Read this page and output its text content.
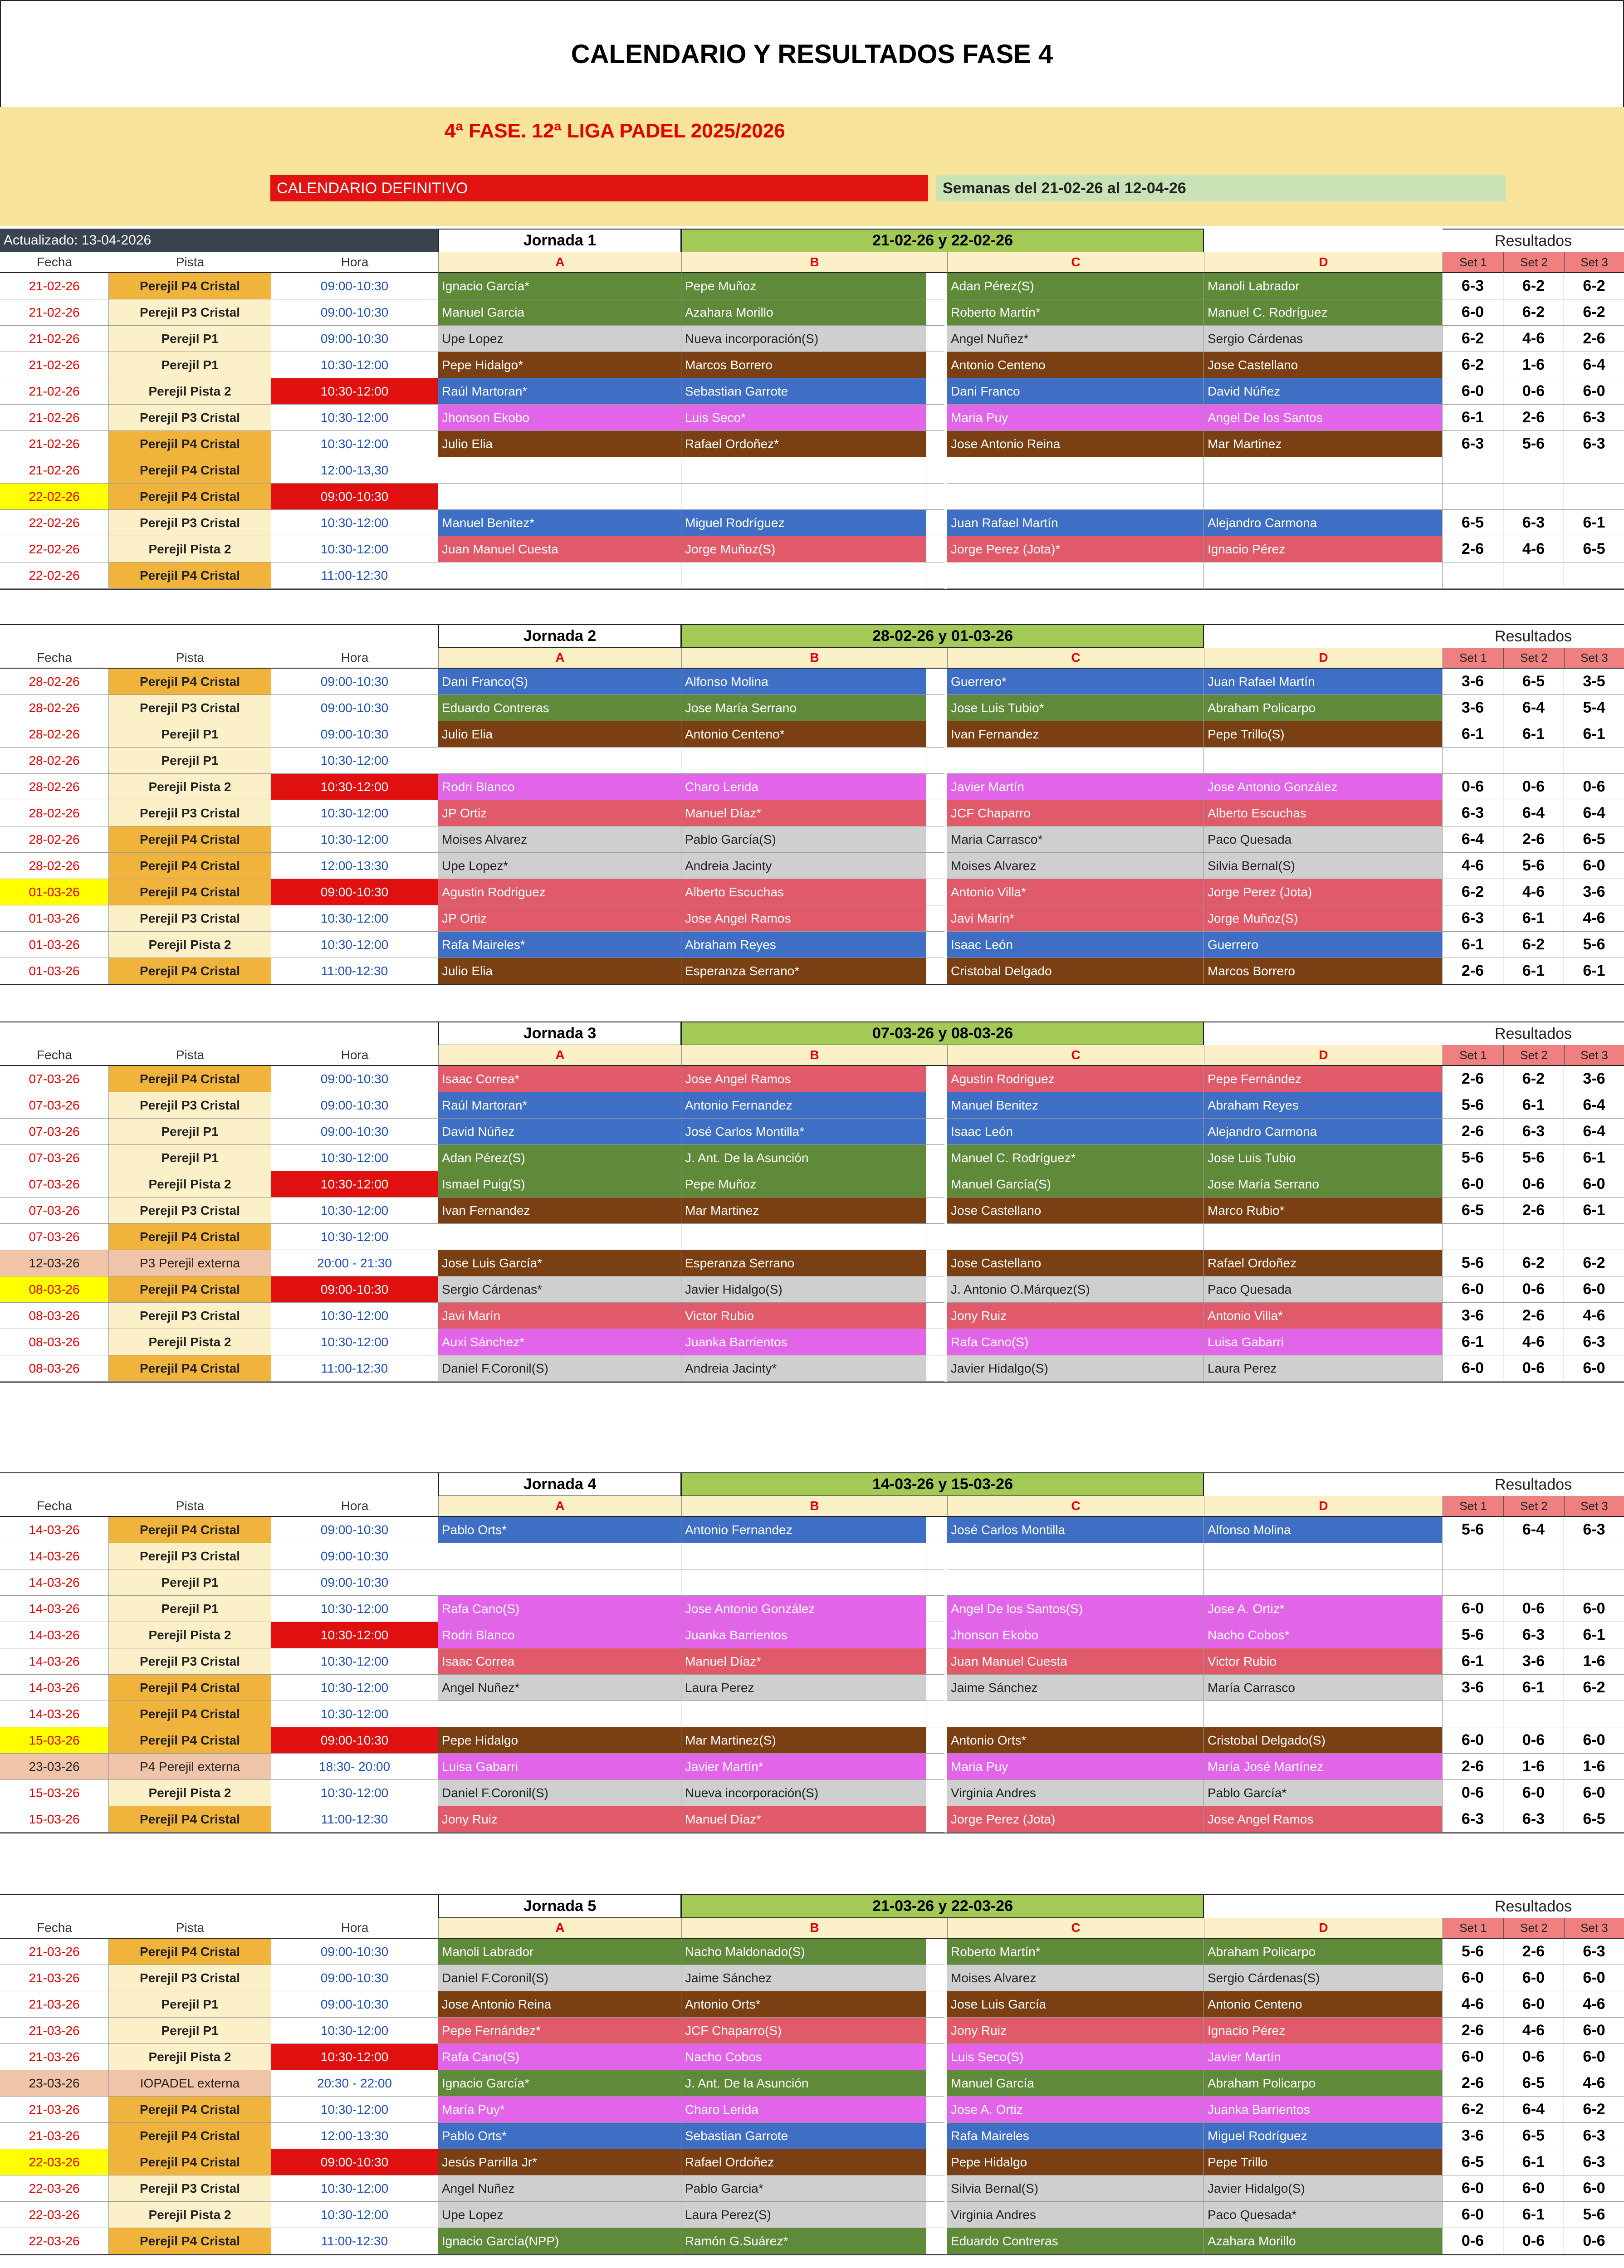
CALENDARIO Y RESULTADOS FASE 4
4ª FASE. 12ª LIGA PADEL 2025/2026
CALENDARIO DEFINITIVO	Semanas del 21-02-26 al 12-04-26
Actualizado: 13-04-2026	Jornada 1	21-02-26 y 22-02-26	Resultados
Fecha	Pista	Hora	A	B	C	D	Set 1	Set 2	Set 3
21-02-26	Perejil P4 Cristal	09:00-10:30	Ignacio García*	Pepe Muñoz	Adan Pérez(S)	Manoli Labrador	6-3	6-2	6-2
21-02-26	Perejil P3 Cristal	09:00-10:30	Manuel Garcia	Azahara Morillo	Roberto Martín*	Manuel C. Rodríguez	6-0	6-2	6-2
21-02-26	Perejil P1	09:00-10:30	Upe Lopez	Nueva incorporación(S)	Angel Nuñez*	Sergio Cárdenas	6-2	4-6	2-6
21-02-26	Perejil P1	10:30-12:00	Pepe Hidalgo*	Marcos Borrero	Antonio Centeno	Jose Castellano	6-2	1-6	6-4
21-02-26	Perejil Pista 2	10:30-12:00	Raúl Martoran*	Sebastian Garrote	Dani Franco	David Núñez	6-0	0-6	6-0
21-02-26	Perejil P3 Cristal	10:30-12:00	Jhonson Ekobo	Luis Seco*	Maria Puy	Angel De los Santos	6-1	2-6	6-3
21-02-26	Perejil P4 Cristal	10:30-12:00	Julio Elia	Rafael Ordoñez*	Jose Antonio Reina	Mar Martinez	6-3	5-6	6-3
21-02-26	Perejil P4 Cristal	12:00-13,30
22-02-26	Perejil P4 Cristal	09:00-10:30
22-02-26	Perejil P3 Cristal	10:30-12:00	Manuel Benitez*	Miguel Rodríguez	Juan Rafael Martín	Alejandro Carmona	6-5	6-3	6-1
22-02-26	Perejil Pista 2	10:30-12:00	Juan Manuel Cuesta	Jorge Muñoz(S)	Jorge Perez (Jota)*	Ignacio Pérez	2-6	4-6	6-5
22-02-26	Perejil P4 Cristal	11:00-12:30
Jornada 2	28-02-26 y 01-03-26	Resultados
Fecha	Pista	Hora	A	B	C	D	Set 1	Set 2	Set 3
28-02-26	Perejil P4 Cristal	09:00-10:30	Dani Franco(S)	Alfonso Molina	Guerrero*	Juan Rafael Martín	3-6	6-5	3-5
28-02-26	Perejil P3 Cristal	09:00-10:30	Eduardo Contreras	Jose María Serrano	Jose Luis Tubio*	Abraham Policarpo	3-6	6-4	5-4
28-02-26	Perejil P1	09:00-10:30	Julio Elia	Antonio Centeno*	Ivan Fernandez	Pepe Trillo(S)	6-1	6-1	6-1
28-02-26	Perejil P1	10:30-12:00
28-02-26	Perejil Pista 2	10:30-12:00	Rodri Blanco	Charo Lerida	Javier Martín	Jose Antonio González	0-6	0-6	0-6
28-02-26	Perejil P3 Cristal	10:30-12:00	JP Ortiz	Manuel Díaz*	JCF Chaparro	Alberto Escuchas	6-3	6-4	6-4
28-02-26	Perejil P4 Cristal	10:30-12:00	Moises Alvarez	Pablo García(S)	Maria Carrasco*	Paco Quesada	6-4	2-6	6-5
28-02-26	Perejil P4 Cristal	12:00-13:30	Upe Lopez*	Andreia Jacinty	Moises Alvarez	Silvia Bernal(S)	4-6	5-6	6-0
01-03-26	Perejil P4 Cristal	09:00-10:30	Agustin Rodriguez	Alberto Escuchas	Antonio Villa*	Jorge Perez (Jota)	6-2	4-6	3-6
01-03-26	Perejil P3 Cristal	10:30-12:00	JP Ortiz	Jose Angel Ramos	Javi Marín*	Jorge Muñoz(S)	6-3	6-1	4-6
01-03-26	Perejil Pista 2	10:30-12:00	Rafa Maireles*	Abraham Reyes	Isaac León	Guerrero	6-1	6-2	5-6
01-03-26	Perejil P4 Cristal	11:00-12:30	Julio Elia	Esperanza Serrano*	Cristobal Delgado	Marcos Borrero	2-6	6-1	6-1
Jornada 3	07-03-26 y 08-03-26	Resultados
Fecha	Pista	Hora	A	B	C	D	Set 1	Set 2	Set 3
07-03-26	Perejil P4 Cristal	09:00-10:30	Isaac Correa*	Jose Angel Ramos	Agustin Rodriguez	Pepe Fernández	2-6	6-2	3-6
07-03-26	Perejil P3 Cristal	09:00-10:30	Raúl Martoran*	Antonio Fernandez	Manuel Benitez	Abraham Reyes	5-6	6-1	6-4
07-03-26	Perejil P1	09:00-10:30	David Núñez	José Carlos Montilla*	Isaac León	Alejandro Carmona	2-6	6-3	6-4
07-03-26	Perejil P1	10:30-12:00	Adan Pérez(S)	J. Ant. De la Asunción	Manuel C. Rodríguez*	Jose Luis Tubio	5-6	5-6	6-1
07-03-26	Perejil Pista 2	10:30-12:00	Ismael Puig(S)	Pepe Muñoz	Manuel García(S)	Jose María Serrano	6-0	0-6	6-0
07-03-26	Perejil P3 Cristal	10:30-12:00	Ivan Fernandez	Mar Martinez	Jose Castellano	Marco Rubio*	6-5	2-6	6-1
07-03-26	Perejil P4 Cristal	10:30-12:00
12-03-26	P3 Perejil externa	20:00 - 21:30	Jose Luis García*	Esperanza Serrano	Jose Castellano	Rafael Ordoñez	5-6	6-2	6-2
08-03-26	Perejil P4 Cristal	09:00-10:30	Sergio Cárdenas*	Javier Hidalgo(S)	J. Antonio O.Márquez(S)	Paco Quesada	6-0	0-6	6-0
08-03-26	Perejil P3 Cristal	10:30-12:00	Javi Marín	Victor Rubio	Jony Ruiz	Antonio Villa*	3-6	2-6	4-6
08-03-26	Perejil Pista 2	10:30-12:00	Auxi Sánchez*	Juanka Barrientos	Rafa Cano(S)	Luisa Gabarri	6-1	4-6	6-3
08-03-26	Perejil P4 Cristal	11:00-12:30	Daniel F.Coronil(S)	Andreia Jacinty*	Javier Hidalgo(S)	Laura Perez	6-0	0-6	6-0
Jornada 4	14-03-26 y 15-03-26	Resultados
Fecha	Pista	Hora	A	B	C	D	Set 1	Set 2	Set 3
14-03-26	Perejil P4 Cristal	09:00-10:30	Pablo Orts*	Antonio Fernandez	José Carlos Montilla	Alfonso Molina	5-6	6-4	6-3
14-03-26	Perejil P3 Cristal	09:00-10:30
14-03-26	Perejil P1	09:00-10:30
14-03-26	Perejil P1	10:30-12:00	Rafa Cano(S)	Jose Antonio González	Angel De los Santos(S)	Jose A. Ortiz*	6-0	0-6	6-0
14-03-26	Perejil Pista 2	10:30-12:00	Rodri Blanco	Juanka Barrientos	Jhonson Ekobo	Nacho Cobos*	5-6	6-3	6-1
14-03-26	Perejil P3 Cristal	10:30-12:00	Isaac Correa	Manuel Díaz*	Juan Manuel Cuesta	Victor Rubio	6-1	3-6	1-6
14-03-26	Perejil P4 Cristal	10:30-12:00	Angel Nuñez*	Laura Perez	Jaime Sánchez	María Carrasco	3-6	6-1	6-2
14-03-26	Perejil P4 Cristal	10:30-12:00
15-03-26	Perejil P4 Cristal	09:00-10:30	Pepe Hidalgo	Mar Martinez(S)	Antonio Orts*	Cristobal Delgado(S)	6-0	0-6	6-0
23-03-26	P4 Perejil externa	18:30- 20:00	Luisa Gabarri	Javier Martín*	Maria Puy	María José Martínez	2-6	1-6	1-6
15-03-26	Perejil Pista 2	10:30-12:00	Daniel F.Coronil(S)	Nueva incorporación(S)	Virginia Andres	Pablo García*	0-6	6-0	6-0
15-03-26	Perejil P4 Cristal	11:00-12:30	Jony Ruiz	Manuel Díaz*	Jorge Perez (Jota)	Jose Angel Ramos	6-3	6-3	6-5
Jornada 5	21-03-26 y 22-03-26	Resultados
Fecha	Pista	Hora	A	B	C	D	Set 1	Set 2	Set 3
21-03-26	Perejil P4 Cristal	09:00-10:30	Manoli Labrador	Nacho Maldonado(S)	Roberto Martín*	Abraham Policarpo	5-6	2-6	6-3
21-03-26	Perejil P3 Cristal	09:00-10:30	Daniel F.Coronil(S)	Jaime Sánchez	Moises Alvarez	Sergio Cárdenas(S)	6-0	6-0	6-0
21-03-26	Perejil P1	09:00-10:30	Jose Antonio Reina	Antonio Orts*	Jose Luis García	Antonio Centeno	4-6	6-0	4-6
21-03-26	Perejil P1	10:30-12:00	Pepe Fernández*	JCF Chaparro(S)	Jony Ruiz	Ignacio Pérez	2-6	4-6	6-0
21-03-26	Perejil Pista 2	10:30-12:00	Rafa Cano(S)	Nacho Cobos	Luis Seco(S)	Javier Martín	6-0	0-6	6-0
23-03-26	IOPADEL externa	20:30 - 22:00	Ignacio García*	J. Ant. De la Asunción	Manuel García	Abraham Policarpo	2-6	6-5	4-6
21-03-26	Perejil P4 Cristal	10:30-12:00	María Puy*	Charo Lerida	Jose A. Ortiz	Juanka Barrientos	6-2	6-4	6-2
21-03-26	Perejil P4 Cristal	12:00-13:30	Pablo Orts*	Sebastian Garrote	Rafa Maireles	Miguel Rodríguez	3-6	6-5	6-3
22-03-26	Perejil P4 Cristal	09:00-10:30	Jesús Parrilla Jr*	Rafael Ordoñez	Pepe Hidalgo	Pepe Trillo	6-5	6-1	6-3
22-03-26	Perejil P3 Cristal	10:30-12:00	Angel Nuñez	Pablo Garcia*	Silvia Bernal(S)	Javier Hidalgo(S)	6-0	6-0	6-0
22-03-26	Perejil Pista 2	10:30-12:00	Upe Lopez	Laura Perez(S)	Virginia Andres	Paco Quesada*	6-0	6-1	5-6
22-03-26	Perejil P4 Cristal	11:00-12:30	Ignacio García(NPP)	Ramón G.Suárez*	Eduardo Contreras	Azahara Morillo	0-6	0-6	0-6
